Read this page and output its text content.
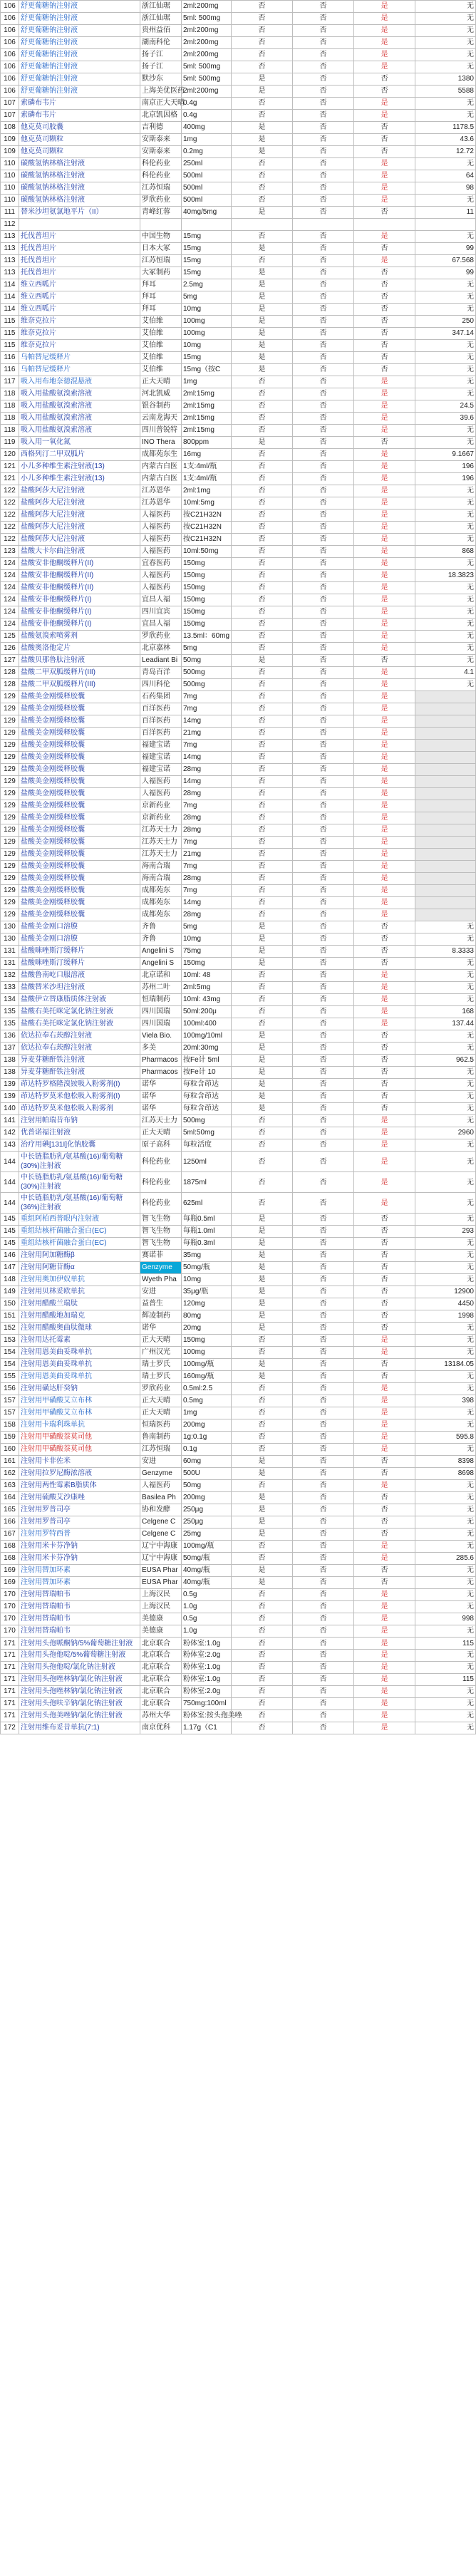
106	舒更葡糖钠注射液	浙江仙琚	2ml:200mg	否	否	是	无
106	舒更葡糖钠注射液	浙江仙琚	5ml: 500mg	否	否	是	无
106	舒更葡糖钠注射液	贵州益佰	2ml:200mg	否	否	是	无
106	舒更葡糖钠注射液	湖南科伦	2ml:200mg	否	否	是	无
106	舒更葡糖钠注射液	扬子江	2ml:200mg	否	否	是	无
106	舒更葡糖钠注射液	扬子江	5ml: 500mg	否	否	是	无
106	舒更葡糖钠注射液	默沙东	5ml: 500mg	是	否	否	1380
106	舒更葡糖钠注射液	上海美优医药	2ml:200mg	是	否	否	5588
107	索磷布韦片	南京正大天晴	0.4g	否	否	是	无
107	索磷布韦片	北京凯因格	0.4g	否	否	是	无
108	他克莫司胶囊	吉利德	400mg	是	否	否	1178.5
109	他克莫司颗粒	安斯泰来	1mg	是	否	否	43.6
109	他克莫司颗粒	安斯泰来	0.2mg	是	否	否	12.72
110	碳酸氢钠林格注射液	科伦药业	250ml	否	否	是	无
110	碳酸氢钠林格注射液	科伦药业	500ml	否	否	是	64
110	碳酸氢钠林格注射液	江苏恒瑞	500ml	否	否	是	98
110	碳酸氢钠林格注射液	罗欣药业	500ml	否	否	是	无
111	替米沙坦氨氯地平片（II）	青峰红蓉	40mg/5mg	是	否	否	11
112							
113	托伐普坦片	中国生物	15mg	否	否	是	无
113	托伐普坦片	日本大冢	15mg	是	否	否	99
113	托伐普坦片	江苏恒瑞	15mg	否	否	是	67.568
113	托伐普坦片	大冢制药	15mg	是	否	否	99
114	维立西呱片	拜耳	2.5mg	是	否	否	无
114	维立西呱片	拜耳	5mg	是	否	否	无
114	维立西呱片	拜耳	10mg	是	否	否	无
115	维奈克拉片	艾伯维	100mg	是	否	否	250
115	维奈克拉片	艾伯维	100mg	是	否	否	347.14
115	维奈克拉片	艾伯维	10mg	是	否	否	无
116	乌帕替尼缓释片	艾伯维	15mg	是	否	否	无
116	乌帕替尼缓释片	艾伯维	15mg（按C	是	否	否	无
117	吸入用布地奈德混悬液	正大天晴	1mg	否	否	是	无
118	吸入用盐酸氨溴索溶液	河北凯威	2ml:15mg	否	否	是	无
118	吸入用盐酸氨溴索溶液	银谷制药	2ml:15mg	否	否	是	24.5
118	吸入用盐酸氨溴索溶液	云南龙海天	2ml:15mg	否	否	是	39.6
118	吸入用盐酸氨溴索溶液	四川普锐特	2ml:15mg	否	否	是	无
119	吸入用一氧化氮	INO Thera	800ppm	是	否	否	无
120	西格列汀二甲双胍片	成都苑东生	16mg	否	否	是	9.1667
121	小儿多种维生素注射液(13)	内蒙古白医	1支:4ml/瓶	否	否	是	196
121	小儿多种维生素注射液(13)	内蒙古白医	1支:4ml/瓶	否	否	是	196
122	盐酸阿莎大尼注射液	江苏恩华	2ml:1mg	否	否	是	无
122	盐酸阿莎大尼注射液	江苏恩华	10ml:5mg	否	否	是	无
122	盐酸阿莎大尼注射液	人福医药	按C21H32N	否	否	是	无
122	盐酸阿莎大尼注射液	人福医药	按C21H32N	否	否	是	无
122	盐酸阿莎大尼注射液	人福医药	按C21H32N	否	否	是	无
123	盐酸大卡尔曲注射液	人福医药	10ml:50mg	否	否	是	868
124	盐酸安非他酮缓释片(II)	宜春医药	150mg	否	否	是	无
124	盐酸安非他酮缓释片(II)	人福医药	150mg	否	否	是	18.3823
124	盐酸安非他酮缓释片(II)	人福医药	150mg	否	否	是	无
124	盐酸安非他酮缓释片(I)	宜昌人福	150mg	否	否	是	无
124	盐酸安非他酮缓释片(I)	四川宜宾	150mg	否	否	是	无
124	盐酸安非他酮缓释片(I)	宜昌人福	150mg	否	否	是	无
125	盐酸氨溴索喷雾剂	罗欣药业	13.5ml：60mg	否	否	是	无
126	盐酸奥洛他定片	北京嘉林	5mg	否	否	是	无
127	盐酸贝那鲁肽注射液	Leadiant Bi	50mg	是	否	否	无
128	盐酸二甲双胍缓释片(III)	青岛百洋	500mg	否	否	是	4.1
128	盐酸二甲双胍缓释片(III)	四川科伦	500mg	否	否	是	无
129	盐酸美金刚缓释胶囊	石药集团	7mg	否	否	是	
129	盐酸美金刚缓释胶囊	百洋医药	7mg	否	否	是	
129	盐酸美金刚缓释胶囊	百洋医药	14mg	否	否	是	
129	盐酸美金刚缓释胶囊	百洋医药	21mg	否	否	是	
129	盐酸美金刚缓释胶囊	福建宝诺	7mg	否	否	是	
129	盐酸美金刚缓释胶囊	福建宝诺	14mg	否	否	是	
129	盐酸美金刚缓释胶囊	福建宝诺	28mg	否	否	是	
129	盐酸美金刚缓释胶囊	人福医药	14mg	否	否	是	
129	盐酸美金刚缓释胶囊	人福医药	28mg	否	否	是	
129	盐酸美金刚缓释胶囊	京新药业	7mg	否	否	是	
129	盐酸美金刚缓释胶囊	京新药业	28mg	否	否	是	
129	盐酸美金刚缓释胶囊	江苏天士力	28mg	否	否	是	
129	盐酸美金刚缓释胶囊	江苏天士力	7mg	否	否	是	
129	盐酸美金刚缓释胶囊	江苏天士力	21mg	否	否	是	
129	盐酸美金刚缓释胶囊	海南合瑞	7mg	否	否	是	
129	盐酸美金刚缓释胶囊	海南合瑞	28mg	否	否	是	
129	盐酸美金刚缓释胶囊	成都苑东	7mg	否	否	是	
129	盐酸美金刚缓释胶囊	成都苑东	14mg	否	否	是	
129	盐酸美金刚缓释胶囊	成都苑东	28mg	否	否	是	
130	盐酸美金刚口溶膜	齐鲁	5mg	是	否	否	无
130	盐酸美金刚口溶膜	齐鲁	10mg	是	否	否	无
131	盐酸咪唑斯汀缓释片	Angelini S	75mg	是	否	否	8.3333
131	盐酸咪唑斯汀缓释片	Angelini S	150mg	是	否	否	无
132	盐酸鲁南屹口服溶液	北京诺和	10ml: 48	否	否	是	无
133	盐酸替米沙坦注射液	苏州二叶	2ml:5mg	否	否	是	无
134	盐酸伊立替康脂质体注射液	恒瑞制药	10ml: 43mg	否	否	是	无
135	盐酸右美托咪定氯化钠注射液	四川国瑞	50ml:200μ	否	否	是	168
135	盐酸右美托咪定氯化钠注射液	四川国瑞	100ml:400	否	否	是	137.44
136	依达拉奉右莰醇注射液	Viela Bio.	100mg/10ml	是	否	否	无
137	依达拉奉右莰醇注射液	多美	20ml:30mg	是	否	否	无
138	异麦芽糖酐铁注射液	Pharmacos	按Fe计 5ml	是	否	否	962.5
138	异麦芽糖酐铁注射液	Pharmacos	按Fe计 10	是	否	否	无
139	茚达特罗格隆溴铵吸入粉雾剂(I)	诺华	每粒含茚达	是	否	否	无
139	茚达特罗莫米他松吸入粉雾剂(I)	诺华	每粒含茚达	是	否	否	无
140	茚达特罗莫米他松吸入粉雾剂	诺华	每粒含茚达	是	否	否	无
141	注射用帕瑞昔布钠	江苏天士力	500mg	否	否	是	无
142	优普诺福注射液	正大天晴	5ml:50mg	否	否	是	2960
143	治疗用碘[131I]化钠胶囊	原子高科	每粒活度	否	否	是	无
144	中长链脂肪乳/氨基酸(16)/葡萄糖(30%)注射液	科伦药业	1250ml	否	否	是	无
144	中长链脂肪乳/氨基酸(16)/葡萄糖(30%)注射液	科伦药业	1875ml	否	否	是	无
144	中长链脂肪乳/氨基酸(16)/葡萄糖(36%)注射液	科伦药业	625ml	否	否	是	无
145	重组阿柏西普眼内注射液	智飞生物	每瓶0.5ml	是	否	否	无
145	重组结核杆菌融合蛋白(EC)	智飞生物	每瓶1.0ml	是	否	否	293
145	重组结核杆菌融合蛋白(EC)	智飞生物	每瓶0.3ml	是	否	否	无
146	注射用阿加糖酶β	赛诺菲	35mg	是	否	否	无
147	注射用阿糖苷酶α	Genzyme	50mg/瓶	是	否	否	无
148	注射用奥加伊奴单抗	Wyeth Pha	10mg	是	否	否	无
149	注射用贝林妥欧单抗	安进	35μg/瓶	是	否	否	12900
150	注射用醋酸兰瑞肽	益普生	120mg	是	否	否	4450
151	注射用醋酸地加瑞克	辉凌制药	80mg	是	否	否	1998
152	注射用醋酸奥曲肽微球	诺华	20mg	是	否	否	无
153	注射用达托霉素	正大天晴	150mg	否	否	是	无
154	注射用恩美曲妥珠单抗	广州汉光	100mg	否	否	是	无
154	注射用恩美曲妥珠单抗	瑞士罗氏	100mg/瓶	是	否	否	13184.05
155	注射用恩美曲妥珠单抗	瑞士罗氏	160mg/瓶	是	否	否	无
156	注射用磺达肝癸钠	罗欣药业	0.5ml:2.5	否	否	是	无
157	注射用甲磺酸艾立布林	正大天晴	0.5mg	否	否	是	398
157	注射用甲磺酸艾立布林	正大天晴	1mg	否	否	是	无
158	注射用卡瑞利珠单抗	恒瑞医药	200mg	否	否	是	无
159	注射用甲磺酸萘莫司他	鲁南制药	1g:0.1g	否	否	是	595.8
160	注射用甲磺酸萘莫司他	江苏恒瑞	0.1g	否	否	是	无
161	注射用卡非佐米	安进	60mg	是	否	否	8398
162	注射用拉罗尼酶浓溶液	Genzyme	500U	是	否	否	8698
163	注射用两性霉素B脂质体	人福医药	50mg	否	否	是	无
164	注射用硫酸艾沙康唑	Basilea Ph	200mg	是	否	否	无
165	注射用罗普司亭	协和发酵	250μg	是	否	否	无
166	注射用罗普司亭	Celgene C	250μg	是	否	否	无
167	注射用罗特西普	Celgene C	25mg	是	否	否	无
168	注射用米卡芬净钠	辽宁中海康	100mg/瓶	否	否	是	无
168	注射用米卡芬净钠	辽宁中海康	50mg/瓶	否	否	是	285.6
169	注射用替加环素	EUSA Phar	40mg/瓶	是	否	否	无
169	注射用替加环素	EUSA Phar	40mg/瓶	是	否	否	无
170	注射用替瑞帕韦	上海汉民	0.5g	否	否	是	无
170	注射用替瑞帕韦	上海汉民	1.0g	否	否	是	无
170	注射用替瑞帕韦	美德康	0.5g	否	否	是	998
170	注射用替瑞帕韦	美德康	1.0g	否	否	是	无
171	注射用头孢哌酮钠/5%葡萄糖注射液	北京联合	粉体室:1.0g	否	否	是	115
171	注射用头孢他啶/5%葡萄糖注射液	北京联合	粉体室:2.0g	否	否	是	无
171	注射用头孢他啶/氯化钠注射液	北京联合	粉体室:1.0g	否	否	是	无
171	注射用头孢唑林钠/氯化钠注射液	北京联合	粉体室:1.0g	否	否	是	115
171	注射用头孢唑林钠/氯化钠注射液	北京联合	粉体室:2.0g	否	否	是	无
171	注射用头孢呋辛钠/氯化钠注射液	北京联合	750mg:100ml	否	否	是	无
171	注射用头孢美唑钠/氯化钠注射液	苏州大华	粉体室:按头孢美唑	否	否	是	无
172	注射用维布妥昔单抗(7:1)	南京优科	1.17g（C1	否	否	是	无
